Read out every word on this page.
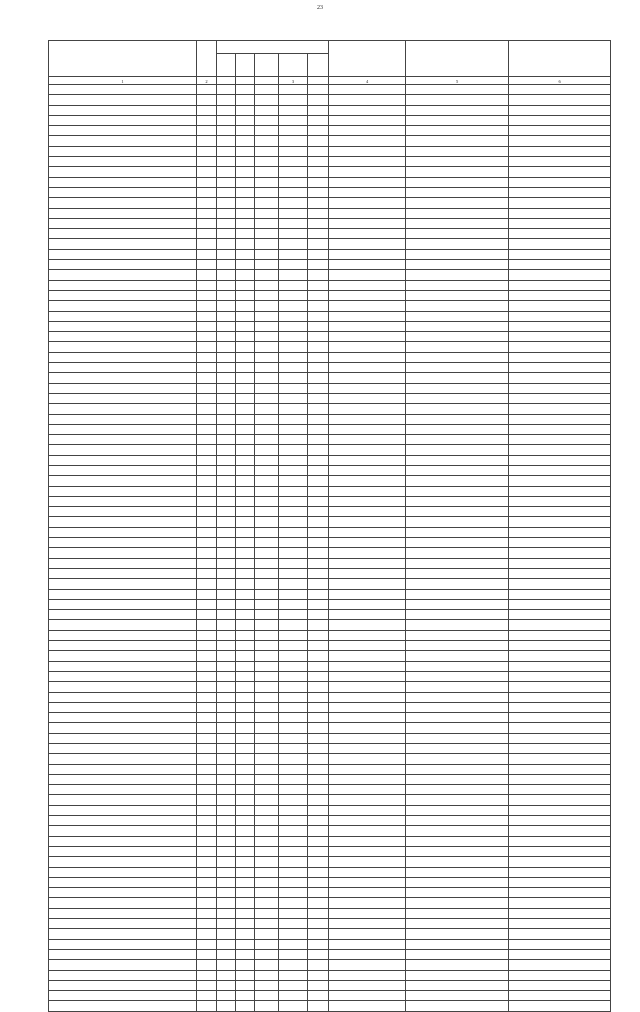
23

1	2				3		4	5	6
